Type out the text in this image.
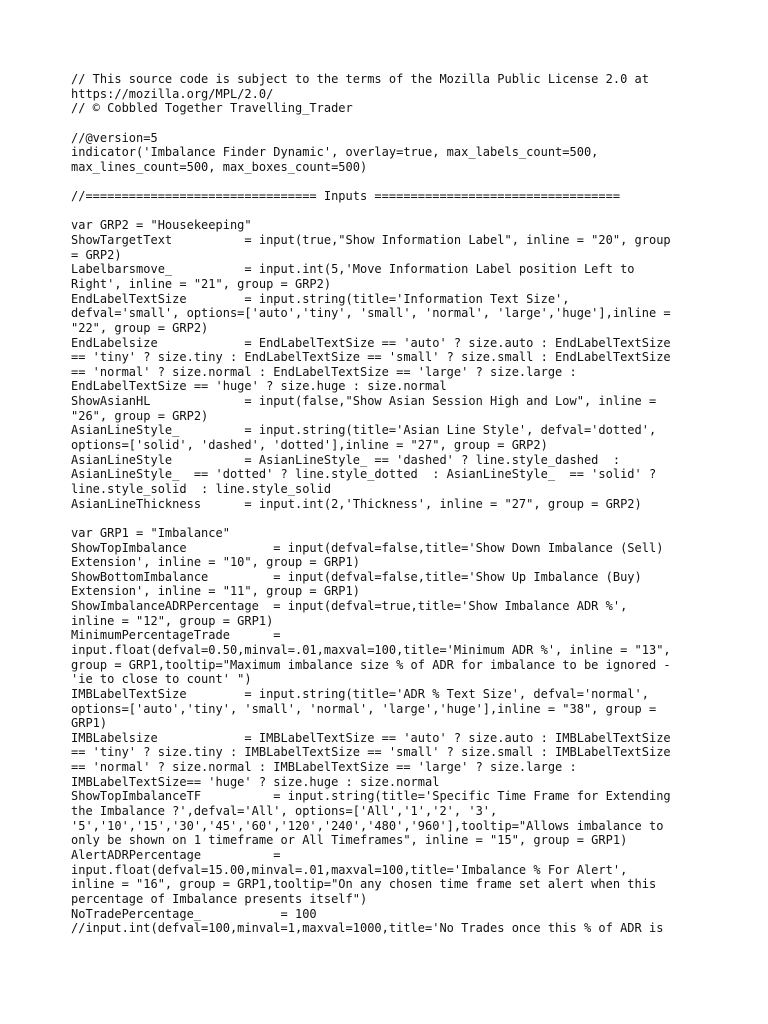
// This source code is subject to the terms of the Mozilla Public License 2.0 at
https://mozilla.org/MPL/2.0/
// © Cobbled Together Travelling_Trader
//@version=5
indicator('Imbalance Finder Dynamic', overlay=true, max_labels_count=500,
max_lines_count=500, max_boxes_count=500)
//================================ Inputs ==================================
var GRP2 = "Housekeeping"
ShowTargetText          = input(true,"Show Information Label", inline = "20", group
= GRP2)
Labelbarsmove_          = input.int(5,'Move Information Label position Left to
Right', inline = "21", group = GRP2)
EndLabelTextSize        = input.string(title='Information Text Size',
defval='small', options=['auto','tiny', 'small', 'normal', 'large','huge'],inline =
"22", group = GRP2)
EndLabelsize            = EndLabelTextSize == 'auto' ? size.auto : EndLabelTextSize
== 'tiny' ? size.tiny : EndLabelTextSize == 'small' ? size.small : EndLabelTextSize
== 'normal' ? size.normal : EndLabelTextSize == 'large' ? size.large :
EndLabelTextSize == 'huge' ? size.huge : size.normal
ShowAsianHL             = input(false,"Show Asian Session High and Low", inline =
"26", group = GRP2)
AsianLineStyle_         = input.string(title='Asian Line Style', defval='dotted',
options=['solid', 'dashed', 'dotted'],inline = "27", group = GRP2)
AsianLineStyle          = AsianLineStyle_ == 'dashed' ? line.style_dashed  :
AsianLineStyle_  == 'dotted' ? line.style_dotted  : AsianLineStyle_  == 'solid' ?
line.style_solid  : line.style_solid
AsianLineThickness      = input.int(2,'Thickness', inline = "27", group = GRP2)
var GRP1 = "Imbalance"
ShowTopImbalance            = input(defval=false,title='Show Down Imbalance (Sell)
Extension', inline = "10", group = GRP1)
ShowBottomImbalance         = input(defval=false,title='Show Up Imbalance (Buy)
Extension', inline = "11", group = GRP1)
ShowImbalanceADRPercentage  = input(defval=true,title='Show Imbalance ADR %',
inline = "12", group = GRP1)
MinimumPercentageTrade      =
input.float(defval=0.50,minval=.01,maxval=100,title='Minimum ADR %', inline = "13",
group = GRP1,tooltip="Maximum imbalance size % of ADR for imbalance to be ignored -
'ie to close to count' ")
IMBLabelTextSize        = input.string(title='ADR % Text Size', defval='normal',
options=['auto','tiny', 'small', 'normal', 'large','huge'],inline = "38", group =
GRP1)
IMBLabelsize            = IMBLabelTextSize == 'auto' ? size.auto : IMBLabelTextSize
== 'tiny' ? size.tiny : IMBLabelTextSize == 'small' ? size.small : IMBLabelTextSize
== 'normal' ? size.normal : IMBLabelTextSize == 'large' ? size.large :
IMBLabelTextSize== 'huge' ? size.huge : size.normal
ShowTopImbalanceTF          = input.string(title='Specific Time Frame for Extending
the Imbalance ?',defval='All', options=['All','1','2', '3',
'5','10','15','30','45','60','120','240','480','960'],tooltip="Allows imbalance to
only be shown on 1 timeframe or All Timeframes", inline = "15", group = GRP1)
AlertADRPercentage          =
input.float(defval=15.00,minval=.01,maxval=100,title='Imbalance % For Alert',
inline = "16", group = GRP1,tooltip="On any chosen time frame set alert when this
percentage of Imbalance presents itself")
NoTradePercentage_           = 100
//input.int(defval=100,minval=1,maxval=1000,title='No Trades once this % of ADR is
